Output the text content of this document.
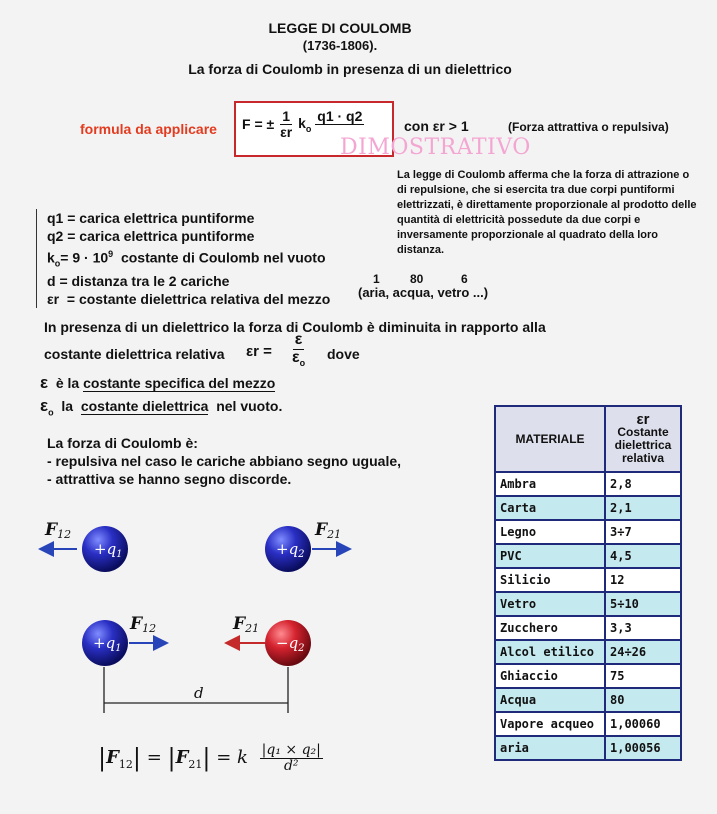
LEGGE DI COULOMB
(1736-1806).
La forza di Coulomb in presenza di un dielettrico
formula da applicare F = ± $\frac{1}{\varepsilon r} k_o$
q1 · q2

con εr > 1	(Forza attrattiva o repulsiva)
DIMOSTRATIVO
La legge di Coulomb afferma che la forza di attrazione o di repulsione, che si esercita tra due corpi puntiformi elettrizzati, è direttamente proporzionale al prodotto delle quantità di elettricità possedute da due corpi e inversamente proporzionale al quadrato della loro distanza.
q1 = carica elettrica puntiforme
q2 = carica elettrica puntiforme
$k_o= 9 \cdot 10^9$  costante di Coulomb nel vuoto
d = distanza tra le 2 cariche
εr  = costante dielettrica relativa del mezzo
1	80	6
(aria, acqua, vetro ...)
In presenza di un dielettrico la forza di Coulomb è diminuita in rapporto alla
costante dielettrica relativa $\varepsilon r = \frac{\varepsilon}{\varepsilon_o}$ dove
ε è la costante specifica del mezzo
$\varepsilon_o$ la costante dielettrica nel vuoto.
La forza di Coulomb è:
- repulsiva nel caso le cariche abbiano segno uguale,
- attrattiva se hanno segno discorde.
$+q_1$
F12
$+q_2$
F21
$+q_1$
F12	F21
$-q_2$
d
$|F_{12}| = |F_{21}| = k \frac{\text{|q₁ × q₂|}}{\text{d²}}$
MATERIALE	εr
Costante
dielettrica
relativa

Ambra	2,8
Carta	2,1
Legno	3÷7
PVC	4,5
Silicio	12
Vetro	5÷10
Zucchero	3,3
Alcol etilico	24÷26
Ghiaccio	75
Acqua	80
Vapore acqueo	1,00060
aria	1,00056
